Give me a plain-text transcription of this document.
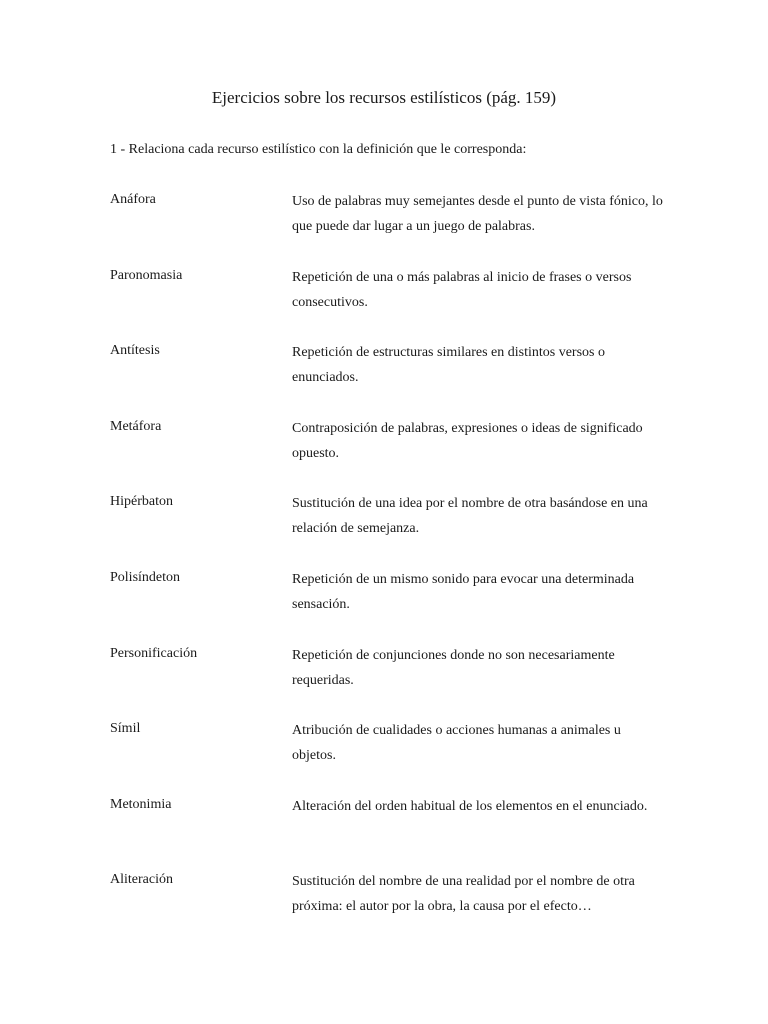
Ejercicios sobre los recursos estilísticos (pág. 159)
1 - Relaciona cada recurso estilístico con la definición que le corresponda:
Anáfora	Uso de palabras muy semejantes desde el punto de vista fónico, lo que puede dar lugar a un juego de palabras.
Paronomasia	Repetición de una o más palabras al inicio de frases o versos consecutivos.
Antítesis	Repetición de estructuras similares en distintos versos o enunciados.
Metáfora	Contraposición de palabras, expresiones o ideas de significado opuesto.
Hipérbaton	Sustitución de una idea por el nombre de otra basándose en una relación de semejanza.
Polisíndeton	Repetición de un mismo sonido para evocar una determinada sensación.
Personificación	Repetición de conjunciones donde no son necesariamente requeridas.
Símil	Atribución de cualidades o acciones humanas a animales u objetos.
Metonimia	Alteración del orden habitual de los elementos en el enunciado.
Aliteración	Sustitución del nombre de una realidad por el nombre de otra próxima: el autor por la obra, la causa por el efecto…
